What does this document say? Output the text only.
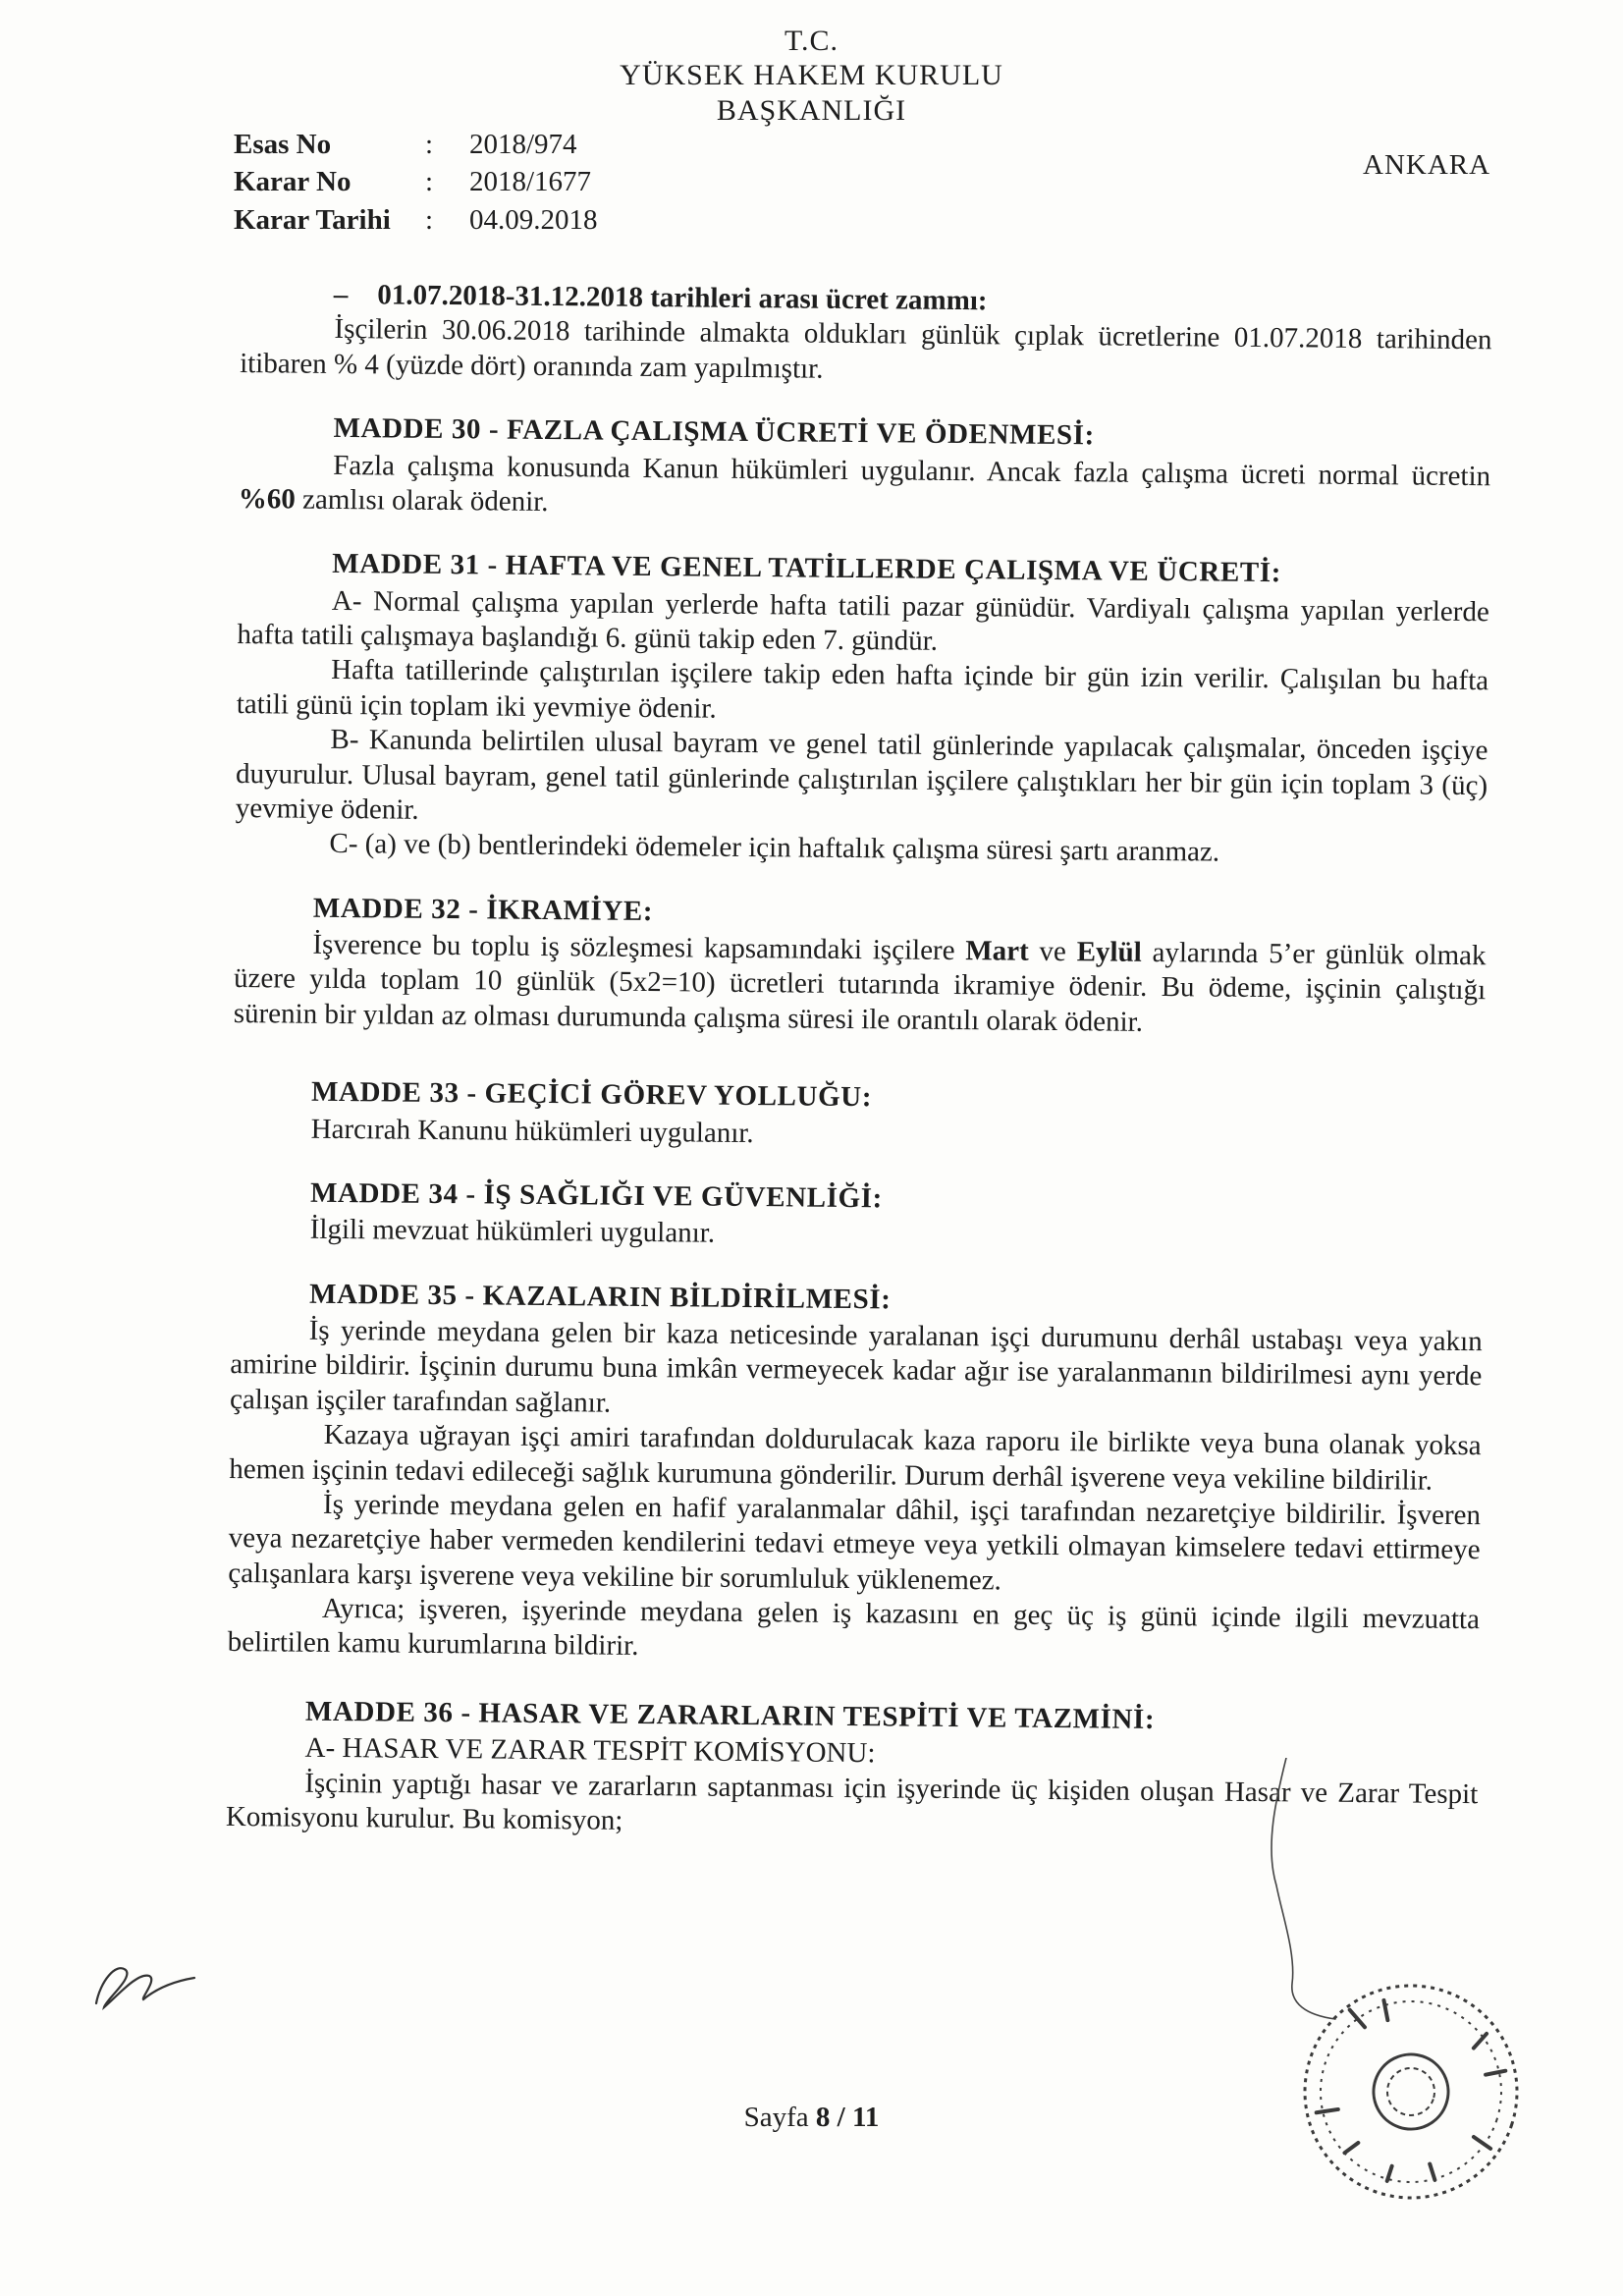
T.C.
YÜKSEK HAKEM KURULU
BAŞKANLIĞI
Esas No	:	2018/974
Karar No	:	2018/1677
Karar Tarihi	:	04.09.2018
ANKARA
– 01.07.2018-31.12.2018 tarihleri arası ücret zammı:

İşçilerin 30.06.2018 tarihinde almakta oldukları günlük çıplak ücretlerine 01.07.2018 tarihinden itibaren % 4 (yüzde dört) oranında zam yapılmıştır.

MADDE 30 - FAZLA ÇALIŞMA ÜCRETİ VE ÖDENMESİ:

Fazla çalışma konusunda Kanun hükümleri uygulanır. Ancak fazla çalışma ücreti normal ücretin %60 zamlısı olarak ödenir.

MADDE 31 - HAFTA VE GENEL TATİLLERDE ÇALIŞMA VE ÜCRETİ:

A- Normal çalışma yapılan yerlerde hafta tatili pazar günüdür. Vardiyalı çalışma yapılan yerlerde hafta tatili çalışmaya başlandığı 6. günü takip eden 7. gündür.

Hafta tatillerinde çalıştırılan işçilere takip eden hafta içinde bir gün izin verilir. Çalışılan bu hafta tatili günü için toplam iki yevmiye ödenir.

B- Kanunda belirtilen ulusal bayram ve genel tatil günlerinde yapılacak çalışmalar, önceden işçiye duyurulur. Ulusal bayram, genel tatil günlerinde çalıştırılan işçilere çalıştıkları her bir gün için toplam 3 (üç) yevmiye ödenir.

C- (a) ve (b) bentlerindeki ödemeler için haftalık çalışma süresi şartı aranmaz.

MADDE 32 - İKRAMİYE:

İşverence bu toplu iş sözleşmesi kapsamındaki işçilere Mart ve Eylül aylarında 5’er günlük olmak üzere yılda toplam 10 günlük (5x2=10) ücretleri tutarında ikramiye ödenir. Bu ödeme, işçinin çalıştığı sürenin bir yıldan az olması durumunda çalışma süresi ile orantılı olarak ödenir.

MADDE 33 - GEÇİCİ GÖREV YOLLUĞU:

Harcırah Kanunu hükümleri uygulanır.

MADDE 34 - İŞ SAĞLIĞI VE GÜVENLİĞİ:

İlgili mevzuat hükümleri uygulanır.

MADDE 35 - KAZALARIN BİLDİRİLMESİ:

İş yerinde meydana gelen bir kaza neticesinde yaralanan işçi durumunu derhâl ustabaşı veya yakın amirine bildirir. İşçinin durumu buna imkân vermeyecek kadar ağır ise yaralanmanın bildirilmesi aynı yerde çalışan işçiler tarafından sağlanır.

Kazaya uğrayan işçi amiri tarafından doldurulacak kaza raporu ile birlikte veya buna olanak yoksa hemen işçinin tedavi edileceği sağlık kurumuna gönderilir. Durum derhâl işverene veya vekiline bildirilir.

İş yerinde meydana gelen en hafif yaralanmalar dâhil, işçi tarafından nezaretçiye bildirilir. İşveren veya nezaretçiye haber vermeden kendilerini tedavi etmeye veya yetkili olmayan kimselere tedavi ettirmeye çalışanlara karşı işverene veya vekiline bir sorumluluk yüklenemez.

Ayrıca; işveren, işyerinde meydana gelen iş kazasını en geç üç iş günü içinde ilgili mevzuatta belirtilen kamu kurumlarına bildirir.

MADDE 36 - HASAR VE ZARARLARIN TESPİTİ VE TAZMİNİ:
A- HASAR VE ZARAR TESPİT KOMİSYONU:

İşçinin yaptığı hasar ve zararların saptanması için işyerinde üç kişiden oluşan Hasar ve Zarar Tespit Komisyonu kurulur. Bu komisyon;

Sayfa 8 / 11
